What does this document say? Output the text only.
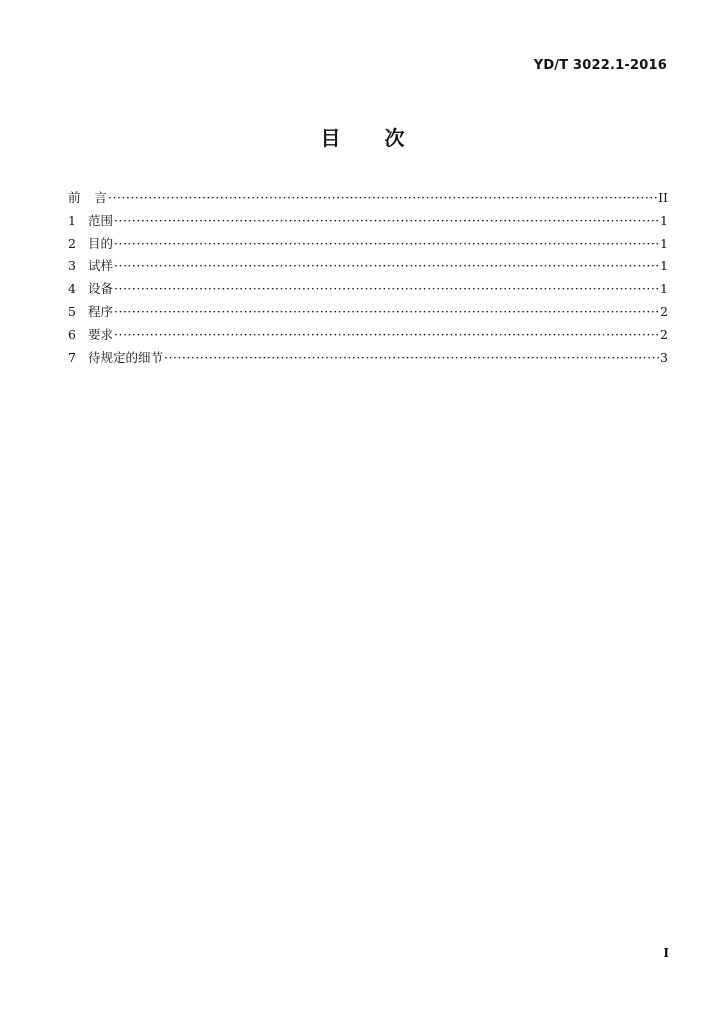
YD/T 3022.1-2016
目 次
前言 ·····	II
1 范围 ·····	1
2 目的 ·····	1
3 试样 ·····	1
4 设备 ·····	1
5 程序 ·····	2
6 要求 ·····	2
7 待规定的细节 ·····	3
I
